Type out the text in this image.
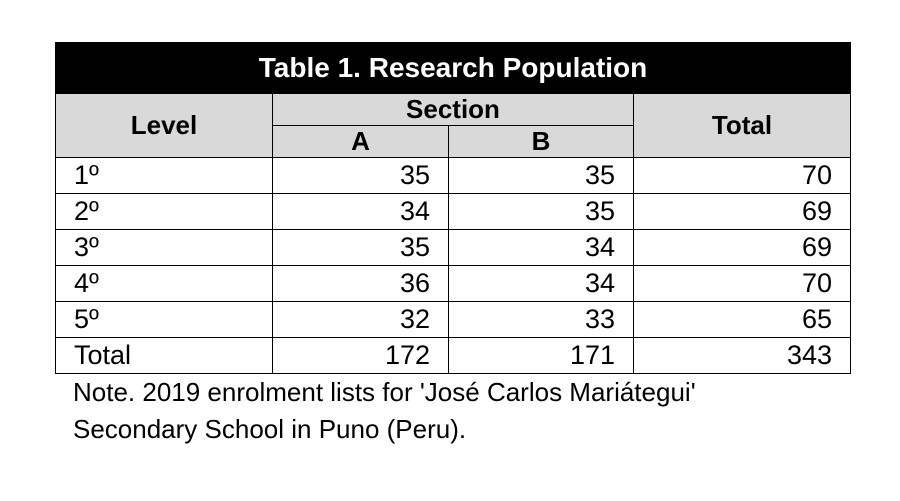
Table 1. Research Population			
Level	Section		Total
	A	B	
1º	35	35	70
2º	34	35	69
3º	35	34	69
4º	36	34	70
5º	32	33	65
Total	172	171	343
Note. 2019 enrolment lists for 'José Carlos Mariátegui'
Secondary School in Puno (Peru).
